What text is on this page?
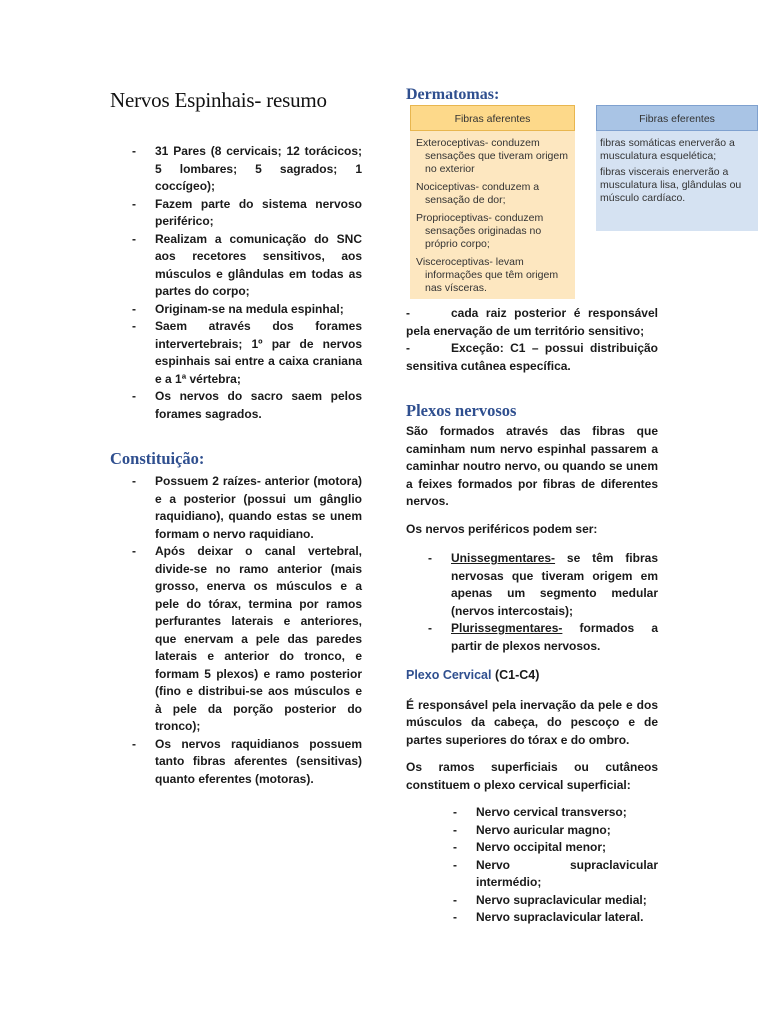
Nervos Espinhais- resumo
- 31 Pares (8 cervicais; 12 torácicos; 5 lombares; 5 sagrados; 1 coccígeo);
- Fazem parte do sistema nervoso periférico;
- Realizam a comunicação do SNC aos recetores sensitivos, aos músculos e glândulas em todas as partes do corpo;
- Originam-se na medula espinhal;
- Saem através dos forames intervertebrais; 1º par de nervos espinhais sai entre a caixa craniana e a 1ª vértebra;
- Os nervos do sacro saem pelos forames sagrados.
Constituição:
- Possuem 2 raízes- anterior (motora) e a posterior (possui um gânglio raquidiano), quando estas se unem formam o nervo raquidiano.
- Após deixar o canal vertebral, divide-se no ramo anterior (mais grosso, enerva os músculos e a pele do tórax, termina por ramos perfurantes laterais e anteriores, que enervam a pele das paredes laterais e anterior do tronco, e formam 5 plexos) e ramo posterior (fino e distribui-se aos músculos e à pele da porção posterior do tronco);
- Os nervos raquidianos possuem tanto fibras aferentes (sensitivas) quanto eferentes (motoras).
Dermatomas:
Fibras aferentes
Exteroceptivas- conduzem sensações que tiveram origem no exterior
Nociceptivas- conduzem a sensação de dor;
Proprioceptivas- conduzem sensações originadas no próprio corpo;
Visceroceptivas- levam informações que têm origem nas vísceras.
Fibras eferentes
fibras somáticas enerverão a musculatura esquelética;
fibras viscerais enerverão a musculatura lisa, glândulas ou músculo cardíaco.
-	cada raiz posterior é responsável pela enervação de um território sensitivo;
-	Exceção: C1 – possui distribuição sensitiva cutânea específica.
Plexos nervosos

São formados através das fibras que caminham num nervo espinhal passarem a caminhar noutro nervo, ou quando se unem a feixes formados por fibras de diferentes nervos.

Os nervos periféricos podem ser:

- Unissegmentares- se têm fibras nervosas que tiveram origem em apenas um segmento medular (nervos intercostais);
- Plurissegmentares- formados a partir de plexos nervosos.

Plexo Cervical (C1-C4)

É responsável pela inervação da pele e dos músculos da cabeça, do pescoço e de partes superiores do tórax e do ombro.

Os ramos superficiais ou cutâneos constituem o plexo cervical superficial:

- Nervo cervical transverso;
- Nervo auricular magno;
- Nervo occipital menor;
- Nervo supraclavicular intermédio;
- Nervo supraclavicular medial;
- Nervo supraclavicular lateral.
